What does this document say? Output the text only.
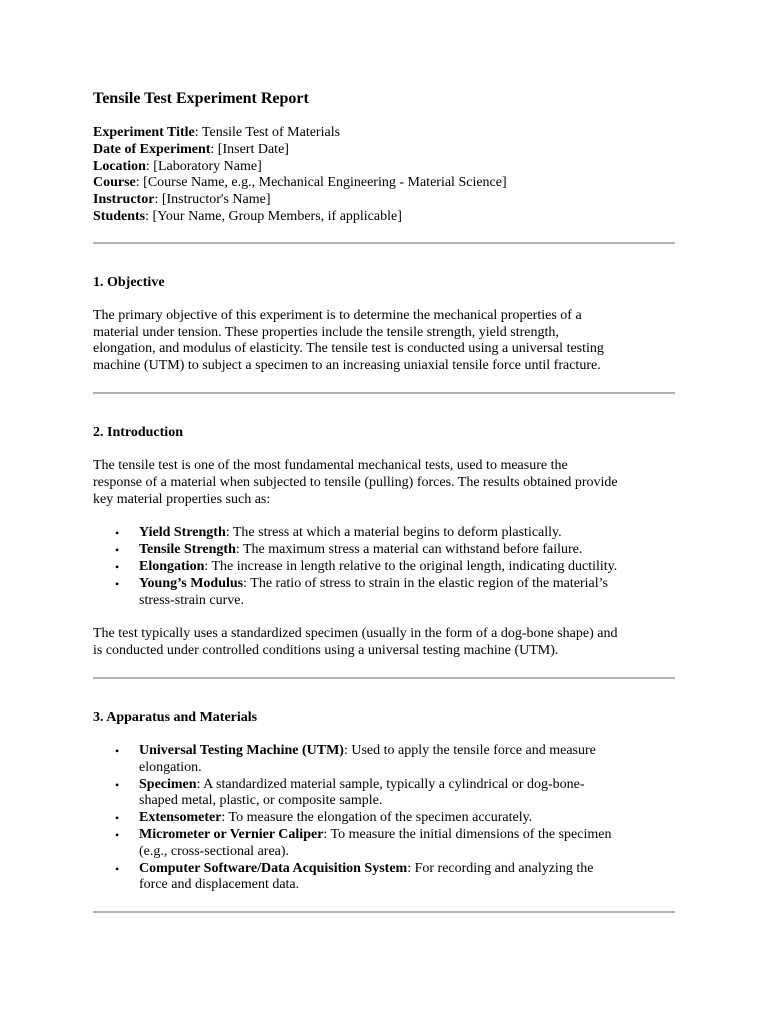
Tensile Test Experiment Report
Experiment Title: Tensile Test of Materials
Date of Experiment: [Insert Date]
Location: [Laboratory Name]
Course: [Course Name, e.g., Mechanical Engineering - Material Science]
Instructor: [Instructor's Name]
Students: [Your Name, Group Members, if applicable]
1. Objective

The primary objective of this experiment is to determine the mechanical properties of a
material under tension. These properties include the tensile strength, yield strength,
elongation, and modulus of elasticity. The tensile test is conducted using a universal testing
machine (UTM) to subject a specimen to an increasing uniaxial tensile force until fracture.

2. Introduction

The tensile test is one of the most fundamental mechanical tests, used to measure the
response of a material when subjected to tensile (pulling) forces. The results obtained provide
key material properties such as:

• Yield Strength: The stress at which a material begins to deform plastically.
• Tensile Strength: The maximum stress a material can withstand before failure.
• Elongation: The increase in length relative to the original length, indicating ductility.
• Young’s Modulus: The ratio of stress to strain in the elastic region of the material’s
stress-strain curve.

The test typically uses a standardized specimen (usually in the form of a dog-bone shape) and
is conducted under controlled conditions using a universal testing machine (UTM).

3. Apparatus and Materials
• Universal Testing Machine (UTM): Used to apply the tensile force and measure
elongation.
• Specimen: A standardized material sample, typically a cylindrical or dog-bone-
shaped metal, plastic, or composite sample.
• Extensometer: To measure the elongation of the specimen accurately.
• Micrometer or Vernier Caliper: To measure the initial dimensions of the specimen
(e.g., cross-sectional area).
• Computer Software/Data Acquisition System: For recording and analyzing the
force and displacement data.
